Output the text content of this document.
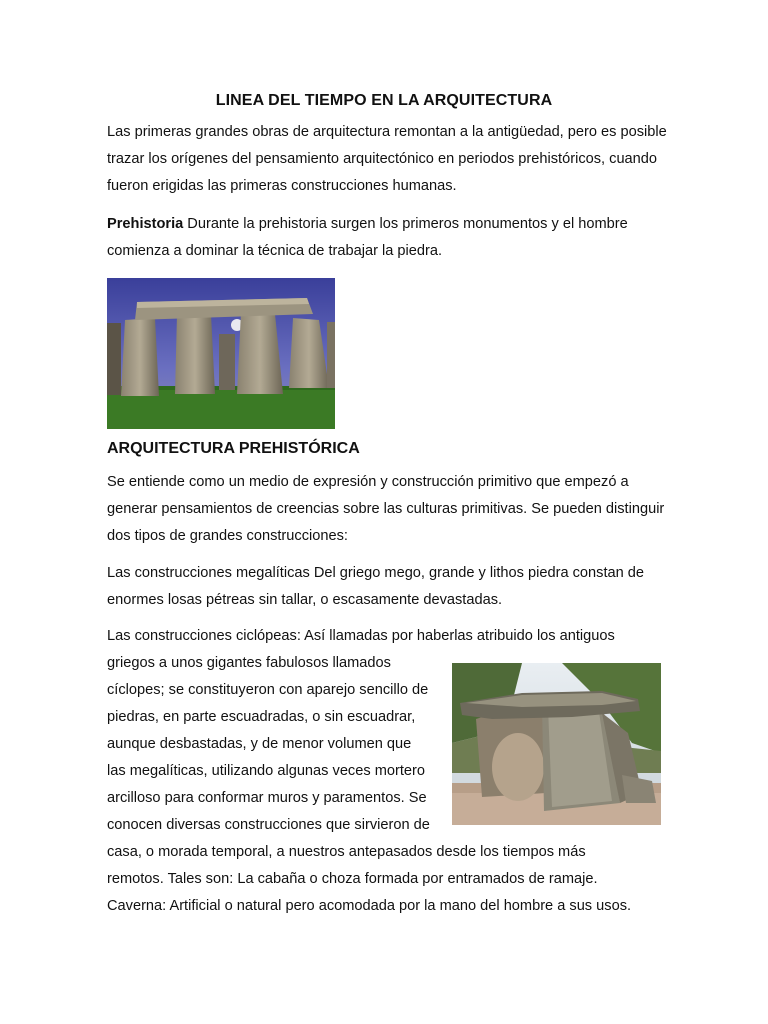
LINEA DEL TIEMPO EN LA ARQUITECTURA

Las primeras grandes obras de arquitectura remontan a la antigüedad, pero es posible trazar los orígenes del pensamiento arquitectónico en periodos prehistóricos, cuando fueron erigidas las primeras construcciones humanas.

Prehistoria Durante la prehistoria surgen los primeros monumentos y el hombre comienza a dominar la técnica de trabajar la piedra.

ARQUITECTURA PREHISTÓRICA

Se entiende como un medio de expresión y construcción primitivo que empezó a generar pensamientos de creencias sobre las culturas primitivas. Se pueden distinguir dos tipos de grandes construcciones:

Las construcciones megalíticas Del griego mego, grande y lithos piedra constan de enormes losas pétreas sin tallar, o escasamente devastadas.

Las construcciones ciclópeas: Así llamadas por haberlas atribuido los antiguos
griegos a unos gigantes fabulosos llamados
cíclopes; se constituyeron con aparejo sencillo de
piedras, en parte escuadradas, o sin escuadrar,
aunque desbastadas, y de menor volumen que
las megalíticas, utilizando algunas veces mortero
arcilloso para conformar muros y paramentos. Se
conocen diversas construcciones que sirvieron de
casa, o morada temporal, a nuestros antepasados desde los tiempos más
remotos. Tales son: La cabaña o choza formada por entramados de ramaje.
Caverna: Artificial o natural pero acomodada por la mano del hombre a sus usos.
